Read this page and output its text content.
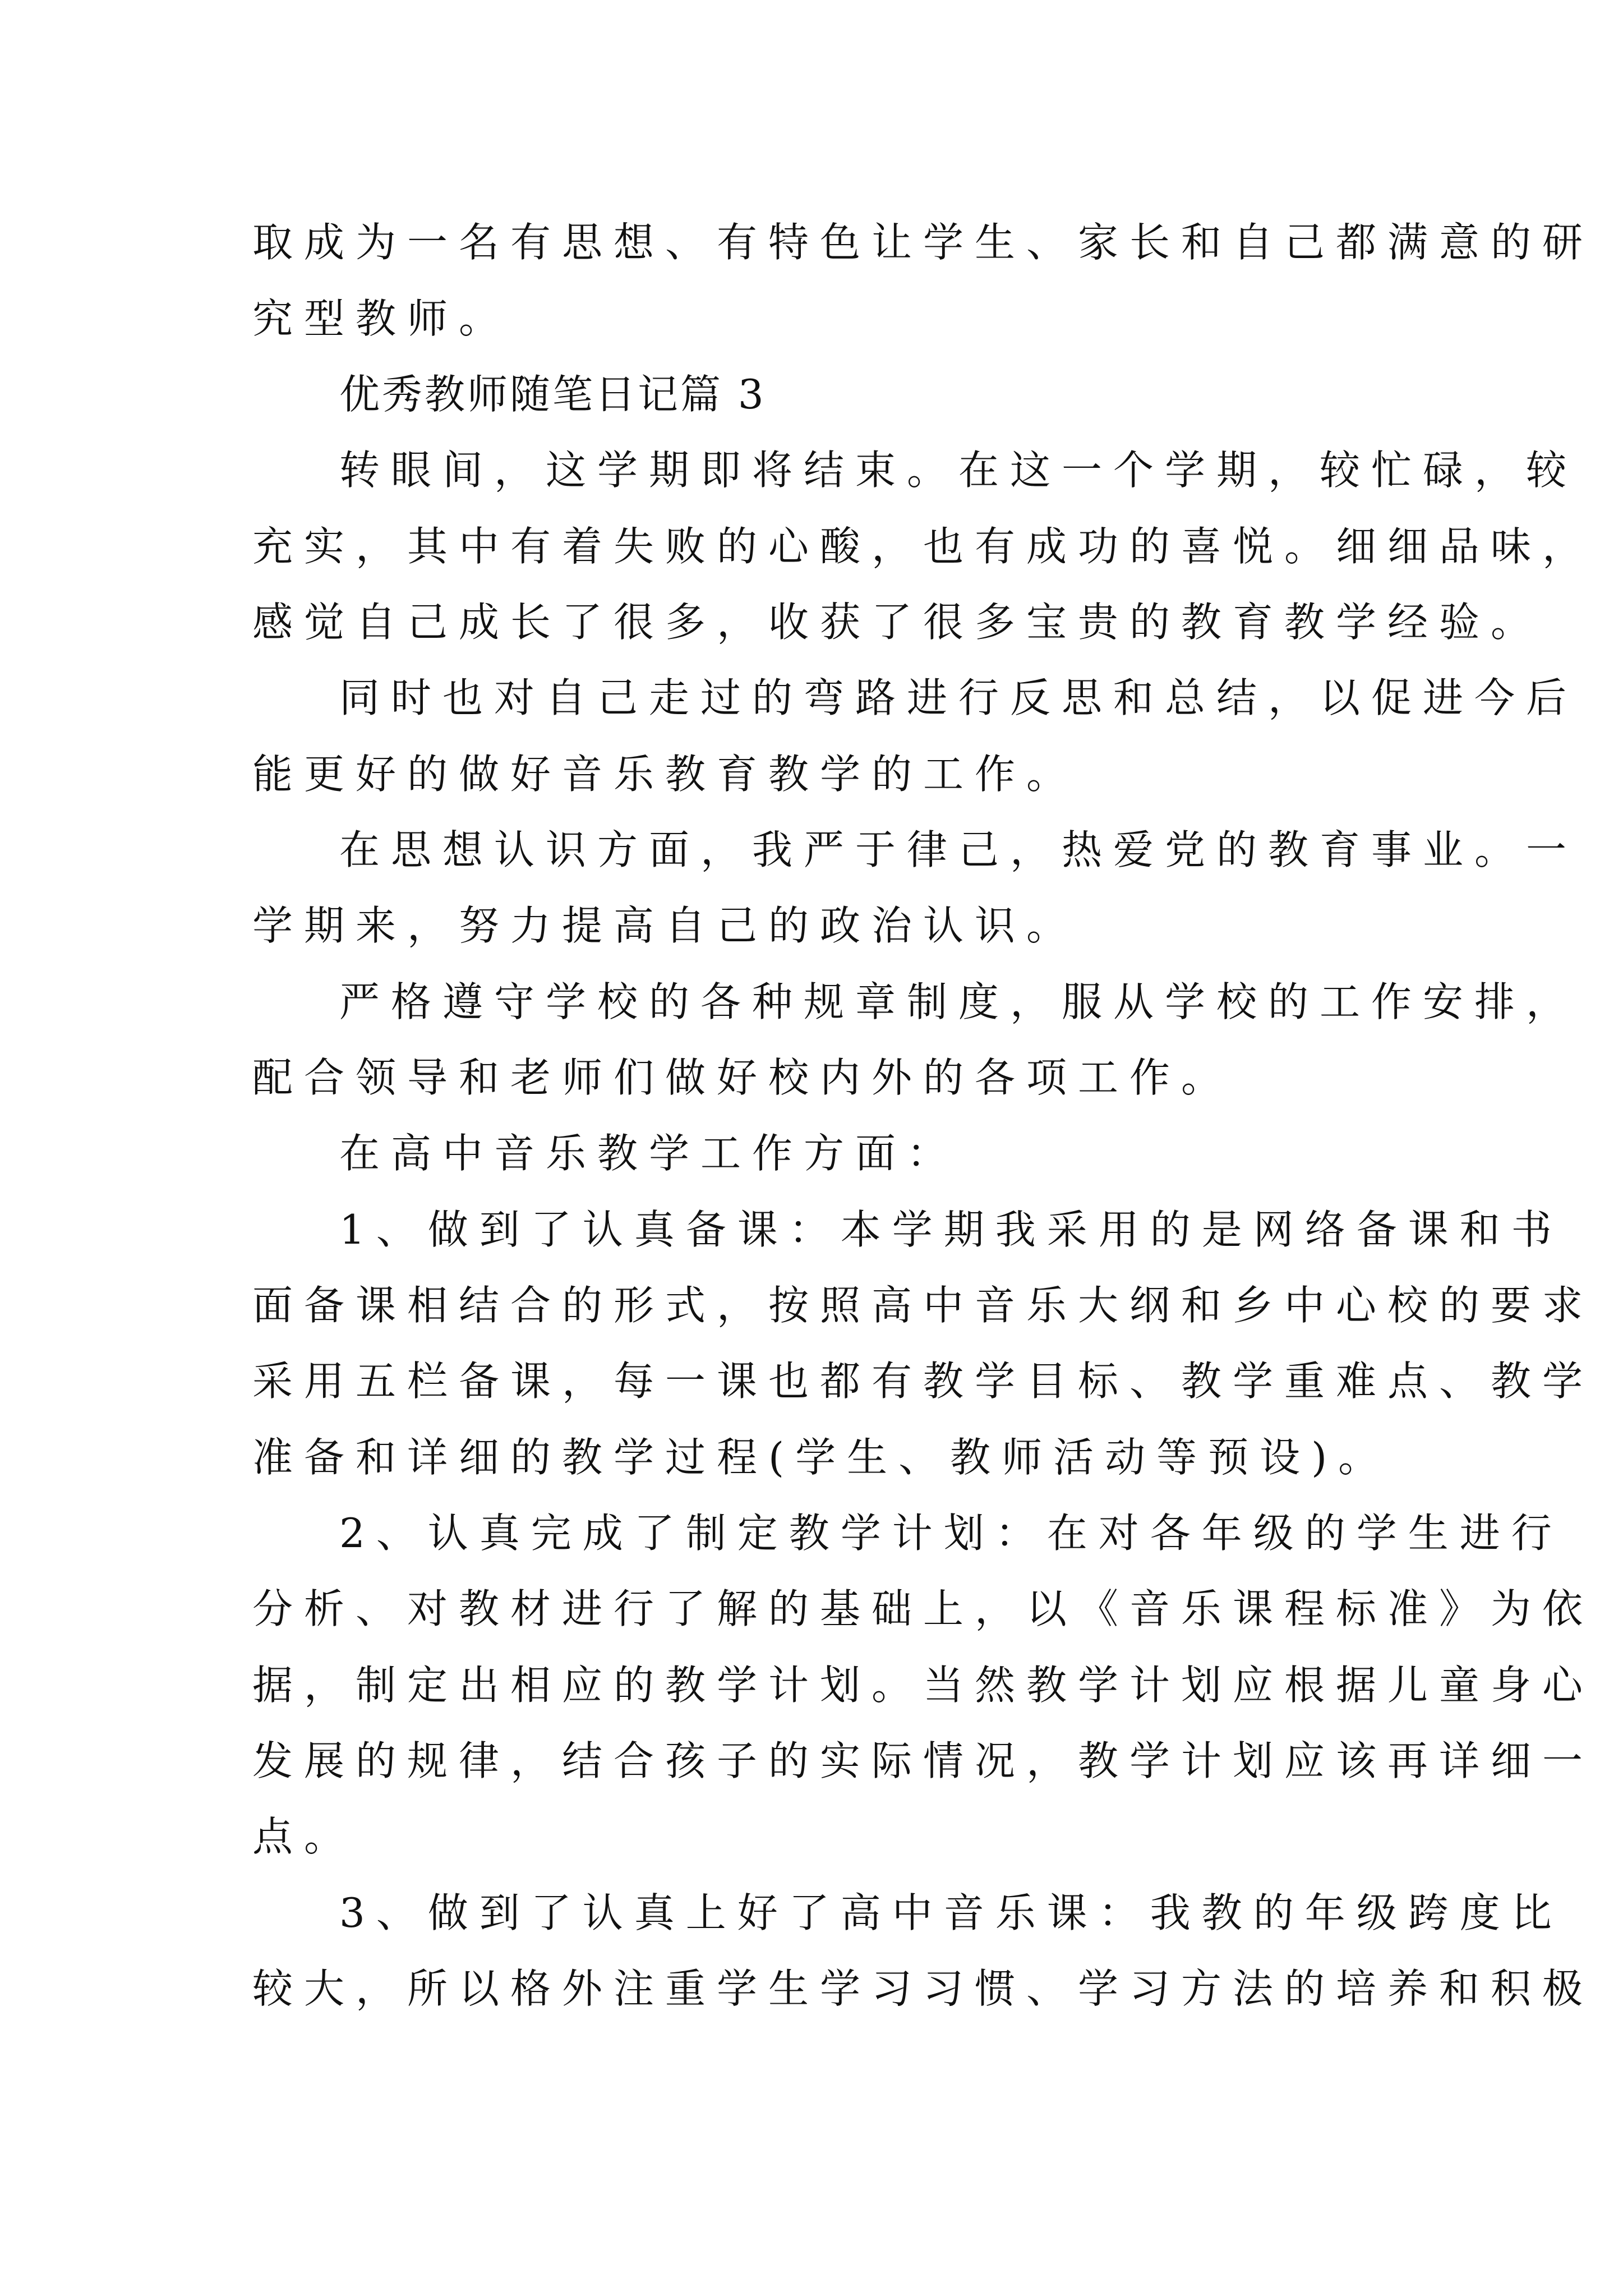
取成为一名有思想、有特色让学生、家长和自己都满意的研

究型教师。

优秀教师随笔日记篇 3

转眼间，这学期即将结束。在这一个学期，较忙碌，较

充实，其中有着失败的心酸，也有成功的喜悦。细细品味，

感觉自己成长了很多，收获了很多宝贵的教育教学经验。

同时也对自己走过的弯路进行反思和总结，以促进今后

能更好的做好音乐教育教学的工作。

在思想认识方面，我严于律己，热爱党的教育事业。一

学期来，努力提高自己的政治认识。

严格遵守学校的各种规章制度，服从学校的工作安排，

配合领导和老师们做好校内外的各项工作。

在高中音乐教学工作方面：

1、做到了认真备课：本学期我采用的是网络备课和书

面备课相结合的形式，按照高中音乐大纲和乡中心校的要求

采用五栏备课，每一课也都有教学目标、教学重难点、教学

准备和详细的教学过程(学生、教师活动等预设)。

2、认真完成了制定教学计划：在对各年级的学生进行

分析、对教材进行了解的基础上，以《音乐课程标准》为依

据，制定出相应的教学计划。当然教学计划应根据儿童身心

发展的规律，结合孩子的实际情况，教学计划应该再详细一

点。

3、做到了认真上好了高中音乐课：我教的年级跨度比

较大，所以格外注重学生学习习惯、学习方法的培养和积极
